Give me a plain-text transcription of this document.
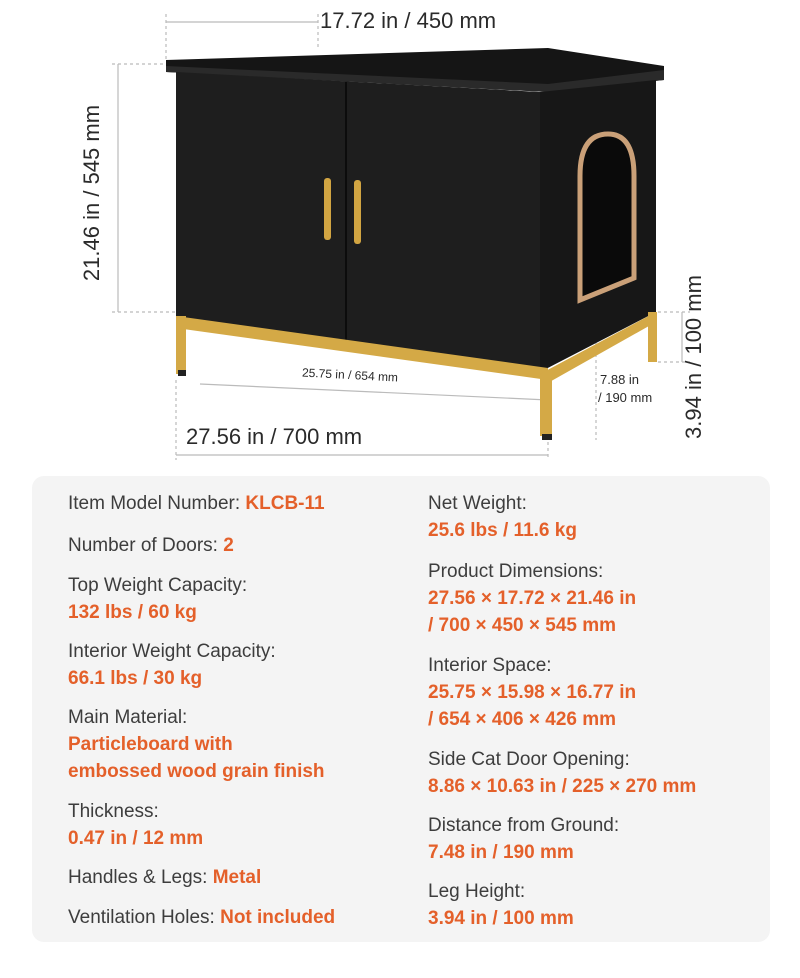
17.72 in / 450 mm
21.46 in / 545 mm
27.56 in / 700 mm
25.75 in / 654 mm	3.94 in / 100 mm
7.88 in
/ 190 mm

Item Model Number: KLCB-11

Number of Doors: 2

Top Weight Capacity:

132 lbs / 60 kg

Interior Weight Capacity:

66.1 lbs / 30 kg

Main Material:

Particleboard with

embossed wood grain finish

Thickness:

0.47 in / 12 mm

Handles & Legs: Metal

Ventilation Holes: Not included

Net Weight:

25.6 lbs / 11.6 kg

Product Dimensions:

27.56 × 17.72 × 21.46 in

/ 700 × 450 × 545 mm

Interior Space:

25.75 × 15.98 × 16.77 in

/ 654 × 406 × 426 mm

Side Cat Door Opening:

8.86 × 10.63 in / 225 × 270 mm

Distance from Ground:

7.48 in / 190 mm

Leg Height:

3.94 in / 100 mm
